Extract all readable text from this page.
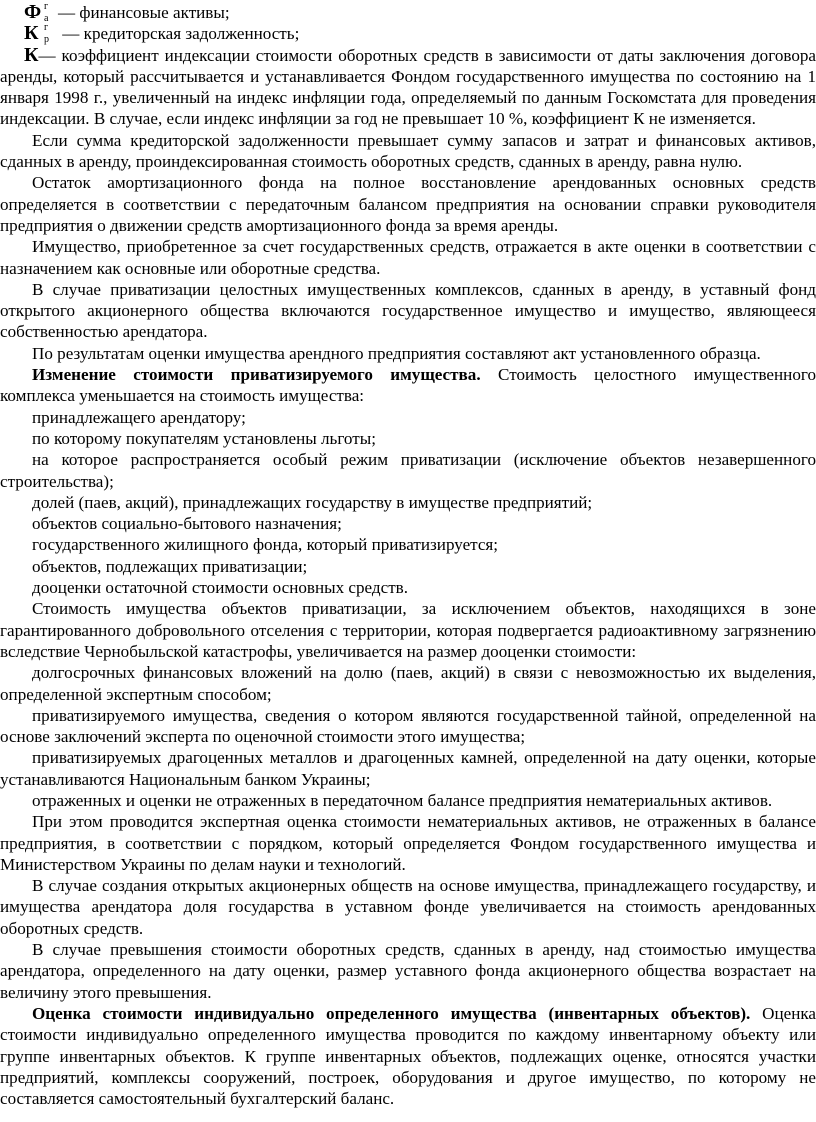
Ф г
а — финансовые активы;

К г
р — кредиторская задолженность;

К— коэффициент индексации стоимости оборотных средств в зависимости от даты заключения договора аренды, который рассчитывается и устанавливается Фондом государственного имущества по состоянию на 1 января 1998 г., увеличенный на индекс инфляции года, определяемый по данным Госкомстата для проведения индексации. В случае, если индекс инфляции за год не превышает 10 %, коэффициент К не изменяется.

Если сумма кредиторской задолженности превышает сумму запасов и затрат и финансовых активов, сданных в аренду, проиндексированная стоимость оборотных средств, сданных в аренду, равна нулю.

Остаток амортизационного фонда на полное восстановление арендованных основных средств определяется в соответствии с передаточным балансом предприятия на основании справки руководителя предприятия о движении средств амортизационного фонда за время аренды.

Имущество, приобретенное за счет государственных средств, отражается в акте оценки в соответствии с назначением как основные или оборотные средства.

В случае приватизации целостных имущественных комплексов, сданных в аренду, в уставный фонд открытого акционерного общества включаются государственное имущество и имущество, являющееся собственностью арендатора.

По результатам оценки имущества арендного предприятия составляют акт установленного образца.

Изменение стоимости приватизируемого имущества. Стоимость целостного имущественного комплекса уменьшается на стоимость имущества:

принадлежащего арендатору;

по которому покупателям установлены льготы;

на которое распространяется особый режим приватизации (исключение объектов незавершенного строительства);

долей (паев, акций), принадлежащих государству в имуществе предприятий;

объектов социально-бытового назначения;

государственного жилищного фонда, который приватизируется;

объектов, подлежащих приватизации;

дооценки остаточной стоимости основных средств.

Стоимость имущества объектов приватизации, за исключением объектов, находящихся в зоне гарантированного добровольного отселения с территории, которая подвергается радиоактивному загрязнению вследствие Чернобыльской катастрофы, увеличивается на размер дооценки стоимости:

долгосрочных финансовых вложений на долю (паев, акций) в связи с невозможностью их выделения, определенной экспертным способом;

приватизируемого имущества, сведения о котором являются государственной тайной, определенной на основе заключений эксперта по оценочной стоимости этого имущества;

приватизируемых драгоценных металлов и драгоценных камней, определенной на дату оценки, которые устанавливаются Национальным банком Украины;

отраженных и оценки не отраженных в передаточном балансе предприятия нематериальных активов.

При этом проводится экспертная оценка стоимости нематериальных активов, не отраженных в балансе предприятия, в соответствии с порядком, который определяется Фондом государственного имущества и Министерством Украины по делам науки и технологий.

В случае создания открытых акционерных обществ на основе имущества, принадлежащего государству, и имущества арендатора доля государства в уставном фонде увеличивается на стоимость арендованных оборотных средств.

В случае превышения стоимости оборотных средств, сданных в аренду, над стоимостью имущества арендатора, определенного на дату оценки, размер уставного фонда акционерного общества возрастает на величину этого превышения.

Оценка стоимости индивидуально определенного имущества (инвентарных объектов). Оценка стоимости индивидуально определенного имущества проводится по каждому инвентарному объекту или группе инвентарных объектов. К группе инвентарных объектов, подлежащих оценке, относятся участки предприятий, комплексы сооружений, построек, оборудования и другое имущество, по которому не составляется самостоятельный бухгалтерский баланс.
